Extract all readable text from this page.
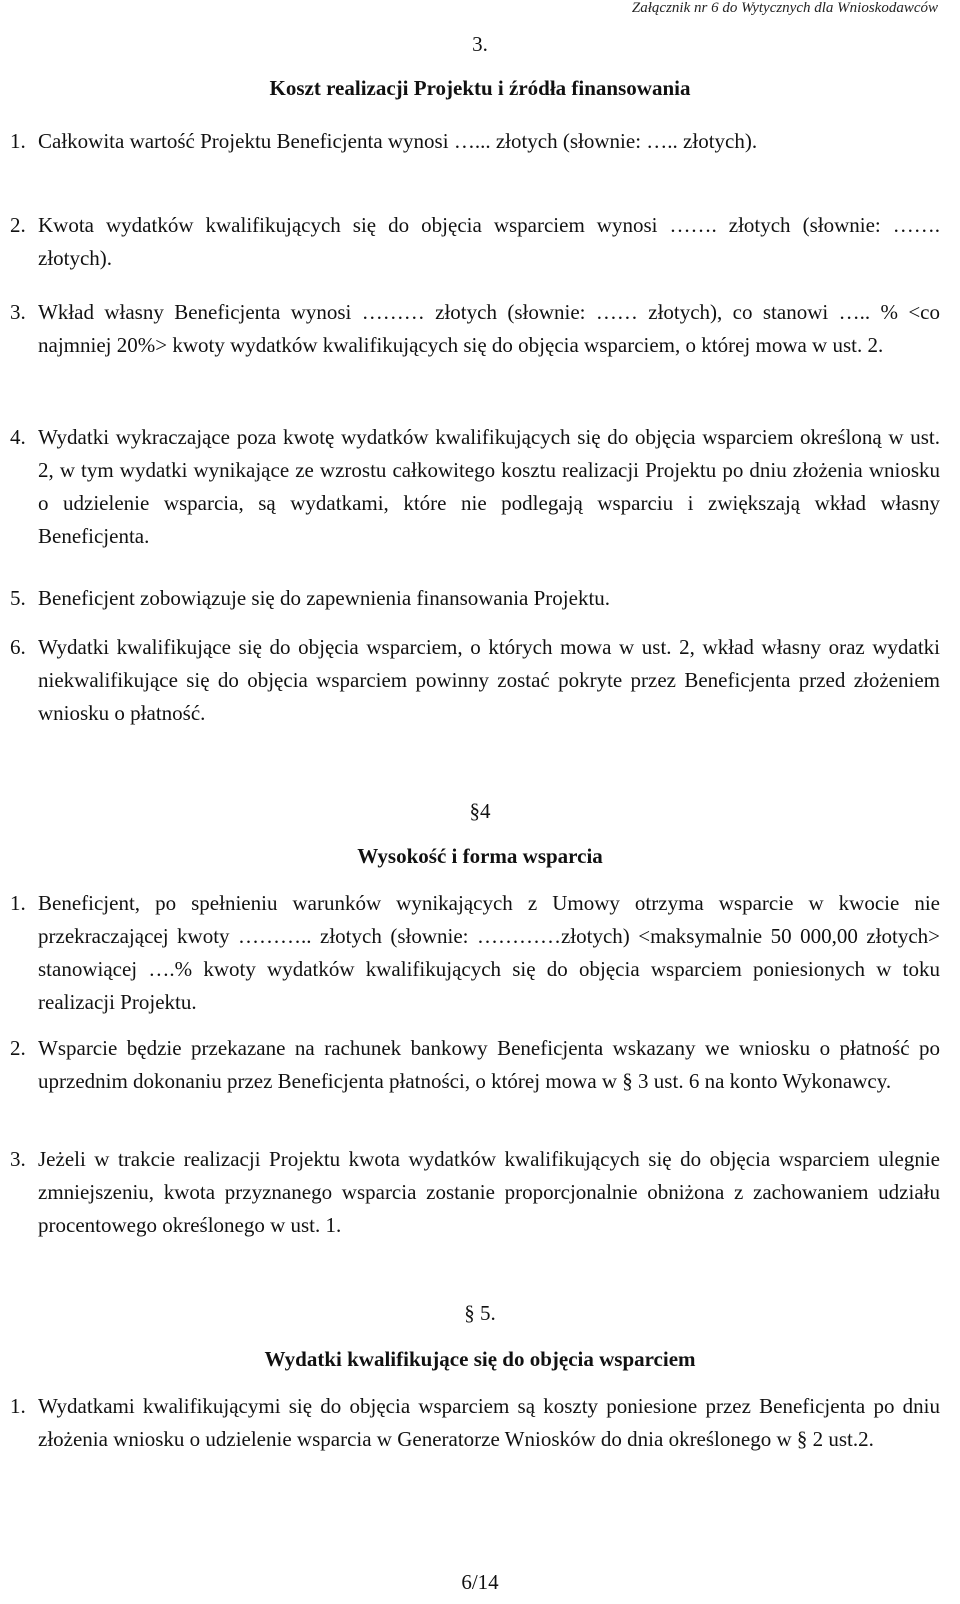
Załącznik nr 6 do Wytycznych dla Wnioskodawców
3.
Koszt realizacji Projektu i źródła finansowania
1. Całkowita wartość Projektu Beneficjenta wynosi …... złotych (słownie: ….. złotych).
2. Kwota wydatków kwalifikujących się do objęcia wsparciem wynosi ……. złotych (słownie: ……. złotych).
3. Wkład własny Beneficjenta wynosi ……… złotych (słownie: …… złotych), co stanowi ….. % <co najmniej 20%> kwoty wydatków kwalifikujących się do objęcia wsparciem, o której mowa w ust. 2.
4. Wydatki wykraczające poza kwotę wydatków kwalifikujących się do objęcia wsparciem określoną w ust. 2, w tym wydatki wynikające ze wzrostu całkowitego kosztu realizacji Projektu po dniu złożenia wniosku o udzielenie wsparcia, są wydatkami, które nie podlegają wsparciu i zwiększają wkład własny Beneficjenta.
5. Beneficjent zobowiązuje się do zapewnienia finansowania Projektu.
6. Wydatki kwalifikujące się do objęcia wsparciem, o których mowa w ust. 2, wkład własny oraz wydatki niekwalifikujące się do objęcia wsparciem powinny zostać pokryte przez Beneficjenta przed złożeniem wniosku o płatność.
§4
Wysokość i forma wsparcia
1. Beneficjent, po spełnieniu warunków wynikających z Umowy otrzyma wsparcie w kwocie nie przekraczającej kwoty ……….. złotych (słownie: …………złotych) <maksymalnie 50 000,00 złotych> stanowiącej ….% kwoty wydatków kwalifikujących się do objęcia wsparciem poniesionych w toku realizacji Projektu.
2. Wsparcie będzie przekazane na rachunek bankowy Beneficjenta wskazany we wniosku o płatność po uprzednim dokonaniu przez Beneficjenta płatności, o której mowa w § 3 ust. 6 na konto Wykonawcy.
3. Jeżeli w trakcie realizacji Projektu kwota wydatków kwalifikujących się do objęcia wsparciem ulegnie zmniejszeniu, kwota przyznanego wsparcia zostanie proporcjonalnie obniżona z zachowaniem udziału procentowego określonego w ust. 1.
§ 5.
Wydatki kwalifikujące się do objęcia wsparciem
1. Wydatkami kwalifikującymi się do objęcia wsparciem są koszty poniesione przez Beneficjenta po dniu złożenia wniosku o udzielenie wsparcia w Generatorze Wniosków do dnia określonego w § 2 ust.2.
6/14
